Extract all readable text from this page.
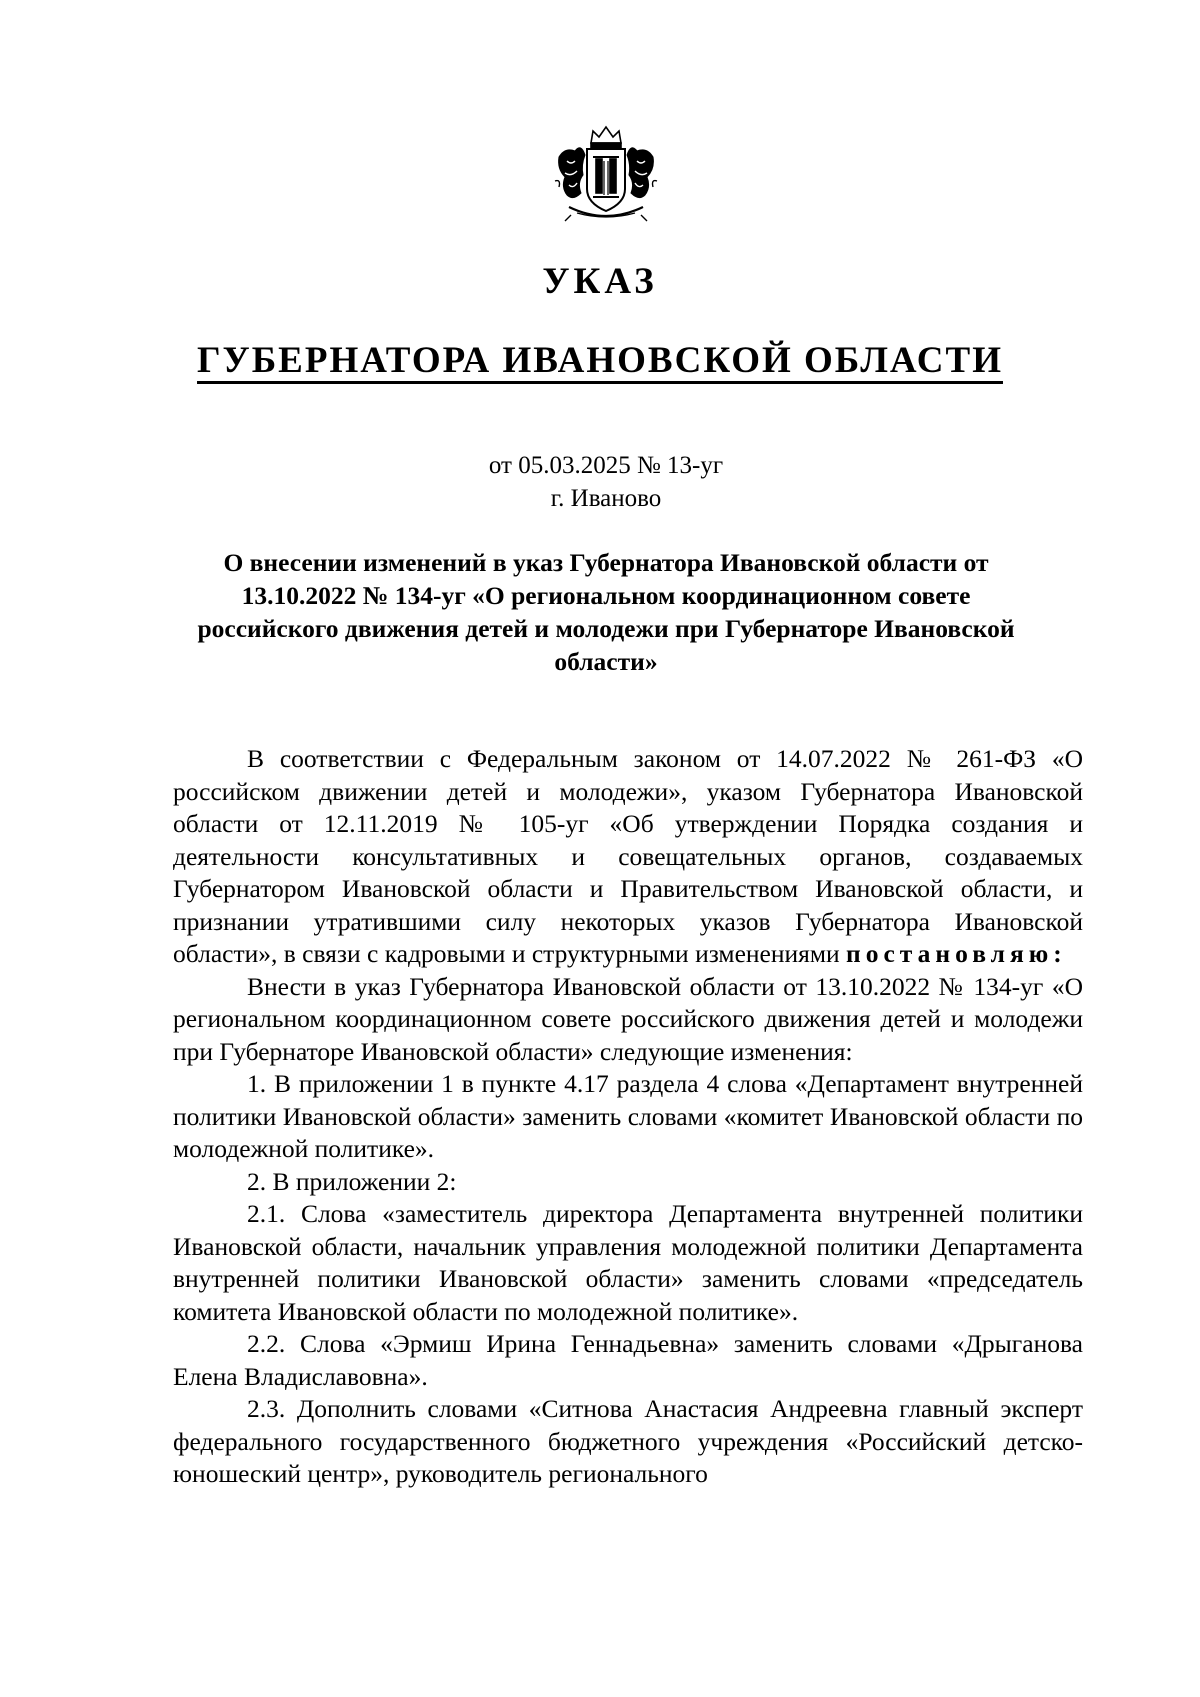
УКАЗ
ГУБЕРНАТОРА ИВАНОВСКОЙ ОБЛАСТИ
от 05.03.2025 № 13-уг
г. Иваново
О внесении изменений в указ Губернатора Ивановской области от 13.10.2022 № 134-уг «О региональном координационном совете российского движения детей и молодежи при Губернаторе Ивановской области»

В соответствии с Федеральным законом от 14.07.2022 № 261-ФЗ «О российском движении детей и молодежи», указом Губернатора Ивановской области от 12.11.2019 № 105-уг «Об утверждении Порядка создания и деятельности консультативных и совещательных органов, создаваемых Губернатором Ивановской области и Правительством Ивановской области, и признании утратившими силу некоторых указов Губернатора Ивановской области», в связи с кадровыми и структурными изменениями постановляю:

Внести в указ Губернатора Ивановской области от 13.10.2022 № 134-уг «О региональном координационном совете российского движения детей и молодежи при Губернаторе Ивановской области» следующие изменения:

1. В приложении 1 в пункте 4.17 раздела 4 слова «Департамент внутренней политики Ивановской области» заменить словами «комитет Ивановской области по молодежной политике».

2. В приложении 2:

2.1. Слова «заместитель директора Департамента внутренней политики Ивановской области, начальник управления молодежной политики Департамента внутренней политики Ивановской области» заменить словами «председатель комитета Ивановской области по молодежной политике».

2.2. Слова «Эрмиш Ирина Геннадьевна» заменить словами «Дрыганова Елена Владиславовна».

2.3. Дополнить словами «Ситнова Анастасия Андреевна главный эксперт федерального государственного бюджетного учреждения «Российский детско-юношеский центр», руководитель регионального
